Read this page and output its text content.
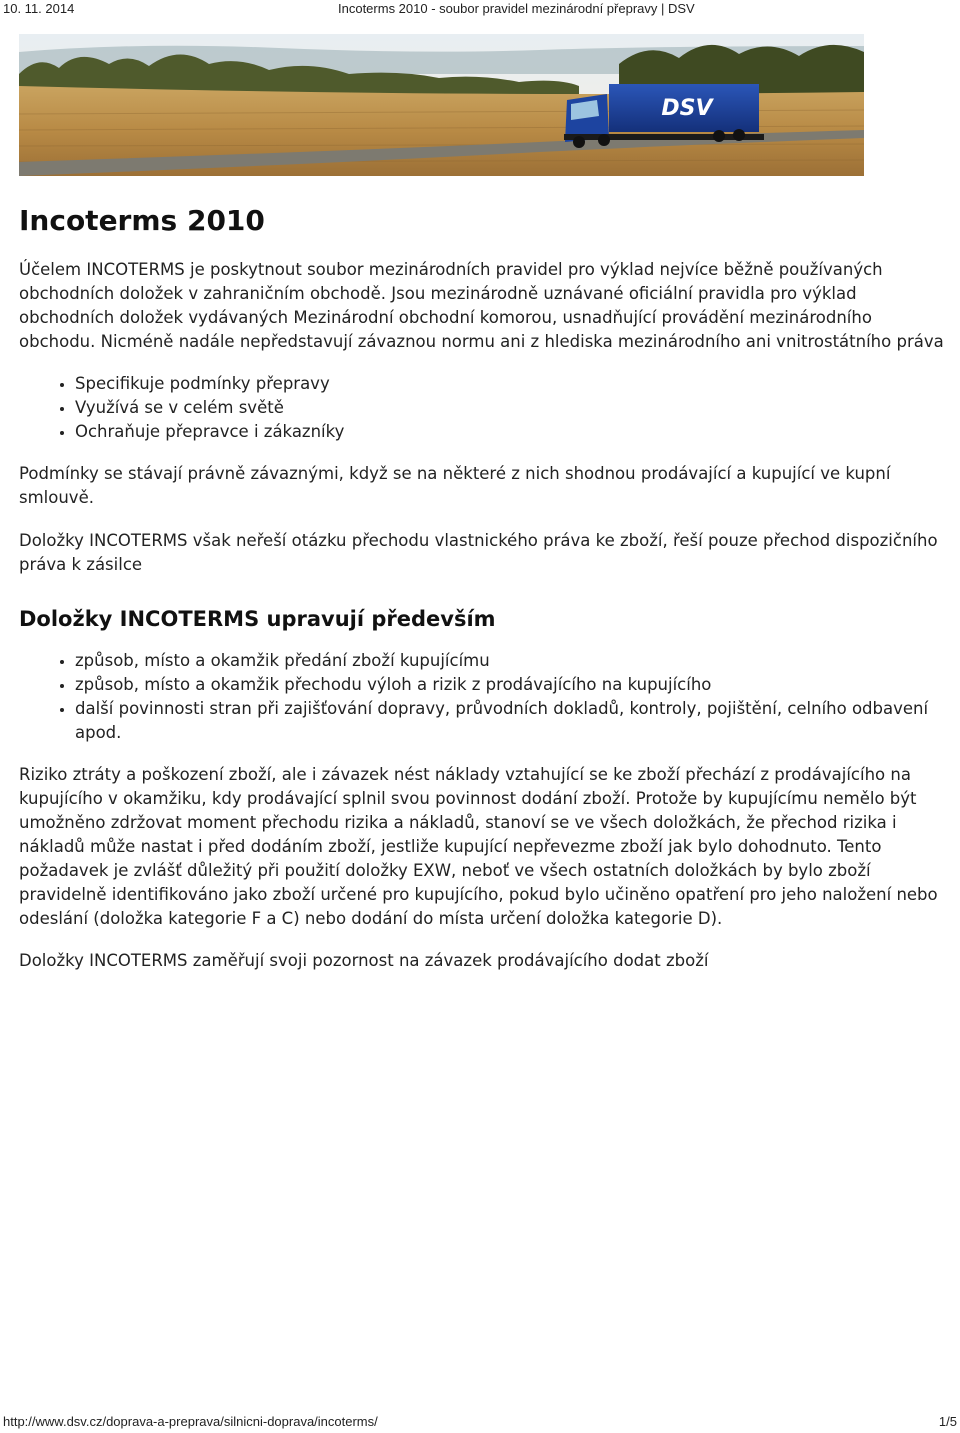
10. 11. 2014	Incoterms 2010 - soubor pravidel mezinárodní přepravy | DSV
DSV
Incoterms 2010

Účelem INCOTERMS je poskytnout soubor mezinárodních pravidel pro výklad nejvíce běžně používaných obchodních doložek v zahraničním obchodě. Jsou mezinárodně uznávané oficiální pravidla pro výklad obchodních doložek vydávaných Mezinárodní obchodní komorou, usnadňující provádění mezinárodního obchodu. Nicméně nadále nepředstavují závaznou normu ani z hlediska mezinárodního ani vnitrostátního práva

• Specifikuje podmínky přepravy
• Využívá se v celém světě
• Ochraňuje přepravce i zákazníky

Podmínky se stávají právně závaznými, když se na některé z nich shodnou prodávající a kupující ve kupní smlouvě.

Doložky INCOTERMS však neřeší otázku přechodu vlastnického práva ke zboží, řeší pouze přechod dispozičního práva k zásilce

Doložky INCOTERMS upravují především
• způsob, místo a okamžik předání zboží kupujícímu
• způsob, místo a okamžik přechodu výloh a rizik z prodávajícího na kupujícího
• další povinnosti stran při zajišťování dopravy, průvodních dokladů, kontroly, pojištění, celního odbavení apod.

Riziko ztráty a poškození zboží, ale i závazek nést náklady vztahující se ke zboží přechází z prodávajícího na kupujícího v okamžiku, kdy prodávající splnil svou povinnost dodání zboží. Protože by kupujícímu nemělo být umožněno zdržovat moment přechodu rizika a nákladů, stanoví se ve všech doložkách, že přechod rizika i nákladů může nastat i před dodáním zboží, jestliže kupující nepřevezme zboží jak bylo dohodnuto. Tento požadavek je zvlášť důležitý při použití doložky EXW, neboť ve všech ostatních doložkách by bylo zboží pravidelně identifikováno jako zboží určené pro kupujícího, pokud bylo učiněno opatření pro jeho naložení nebo odeslání (doložka kategorie F a C) nebo dodání do místa určení doložka kategorie D).

Doložky INCOTERMS zaměřují svoji pozornost na závazek prodávajícího dodat zboží

http://www.dsv.cz/doprava-a-preprava/silnicni-doprava/incoterms/	1/5
